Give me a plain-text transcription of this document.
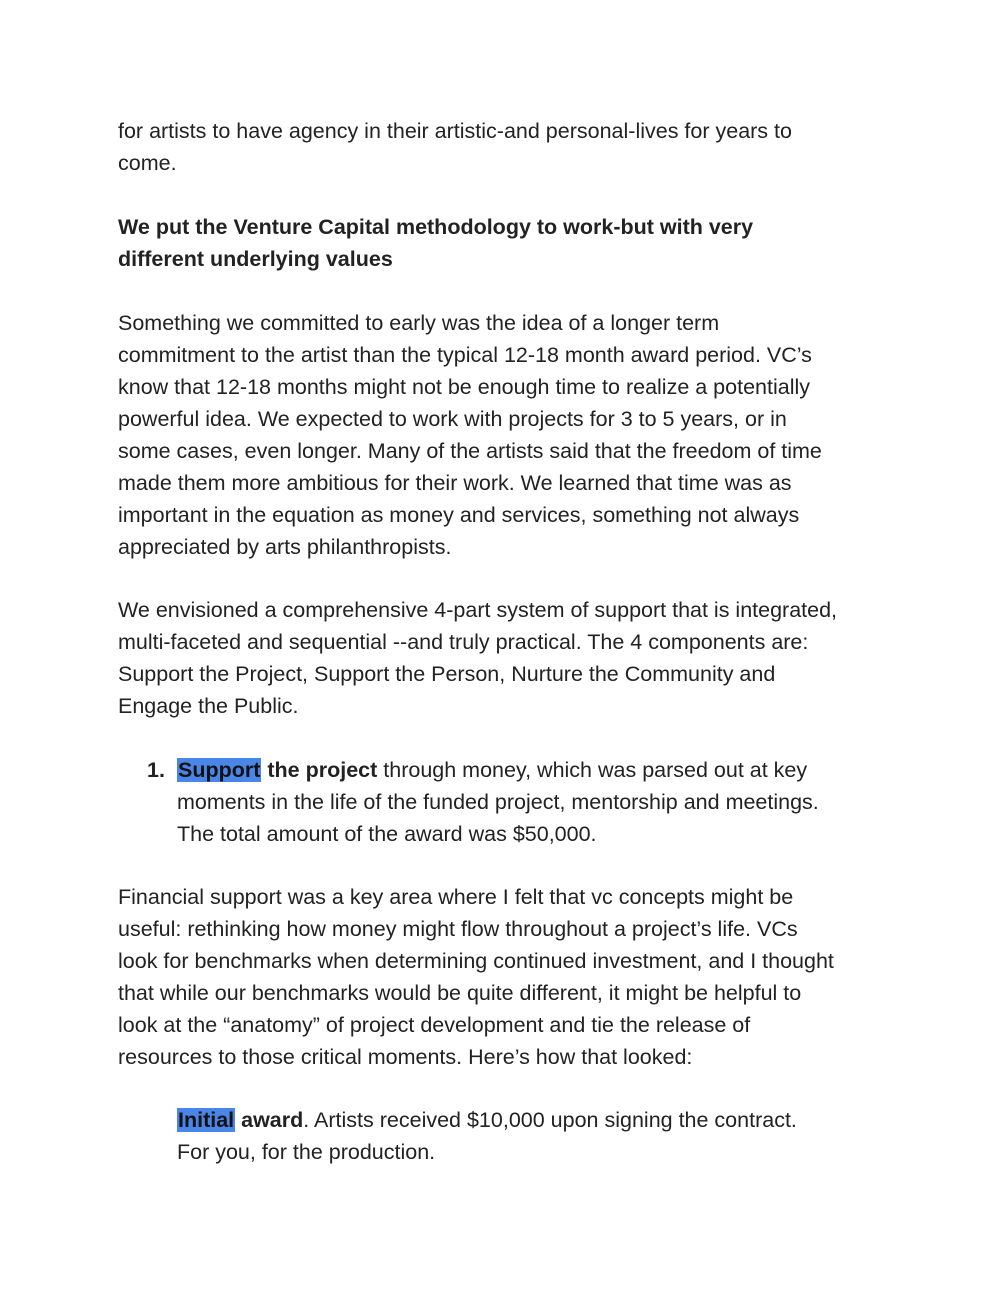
for artists to have agency in their artistic-and personal-lives for years to
come.
We put the Venture Capital methodology to work-but with very
different underlying values
Something we committed to early was the idea of a longer term
commitment to the artist than the typical 12-18 month award period. VC’s
know that 12-18 months might not be enough time to realize a potentially
powerful idea. We expected to work with projects for 3 to 5 years, or in
some cases, even longer. Many of the artists said that the freedom of time
made them more ambitious for their work. We learned that time was as
important in the equation as money and services, something not always
appreciated by arts philanthropists.
We envisioned a comprehensive 4-part system of support that is integrated,
multi-faceted and sequential --and truly practical. The 4 components are:
Support the Project, Support the Person, Nurture the Community and
Engage the Public.
1. Support the project through money, which was parsed out at key
moments in the life of the funded project, mentorship and meetings.
The total amount of the award was $50,000.
Financial support was a key area where I felt that vc concepts might be
useful: rethinking how money might flow throughout a project’s life. VCs
look for benchmarks when determining continued investment, and I thought
that while our benchmarks would be quite different, it might be helpful to
look at the “anatomy” of project development and tie the release of
resources to those critical moments. Here’s how that looked:
Initial award. Artists received $10,000 upon signing the contract.
For you, for the production.
